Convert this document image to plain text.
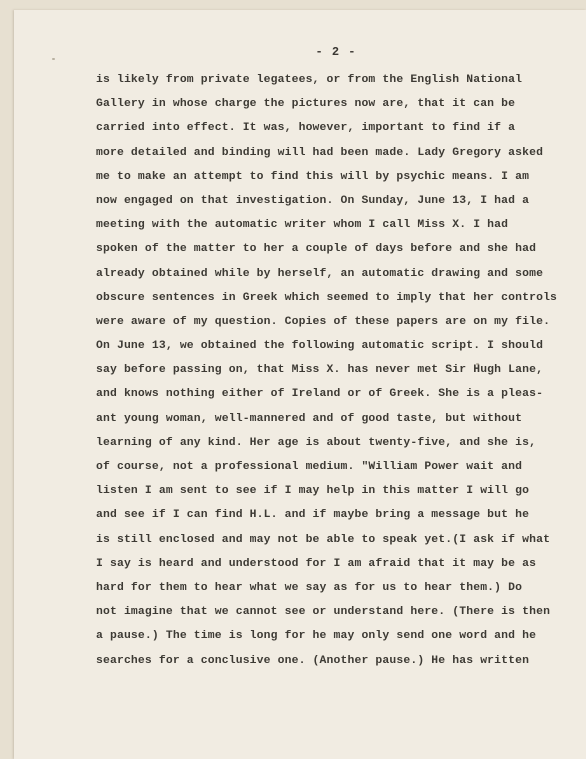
- 2 -
is likely from private legatees, or from the English National
Gallery in whose charge the pictures now are, that it can be
carried into effect. It was, however, important to find if a
more detailed and binding will had been made. Lady Gregory asked
me to make an attempt to find this will by psychic means. I am
now engaged on that investigation. On Sunday, June 13, I had a
meeting with the automatic writer whom I call Miss X. I had
spoken of the matter to her a couple of days before and she had
already obtained while by herself, an automatic drawing and some
obscure sentences in Greek which seemed to imply that her controls
were aware of my question. Copies of these papers are on my file.
On June 13, we obtained the following automatic script. I should
say before passing on, that Miss X. has never met Sir Hugh Lane,
and knows nothing either of Ireland or of Greek. She is a pleas-
ant young woman, well-mannered and of good taste, but without
learning of any kind. Her age is about twenty-five, and she is,
of course, not a professional medium. "William Power wait and
listen I am sent to see if I may help in this matter I will go
and see if I can find H.L. and if maybe bring a message but he
is still enclosed and may not be able to speak yet.(I ask if what
I say is heard and understood for I am afraid that it may be as
hard for them to hear what we say as for us to hear them.) Do
not imagine that we cannot see or understand here. (There is then
a pause.) The time is long for he may only send one word and he
searches for a conclusive one. (Another pause.) He has written
